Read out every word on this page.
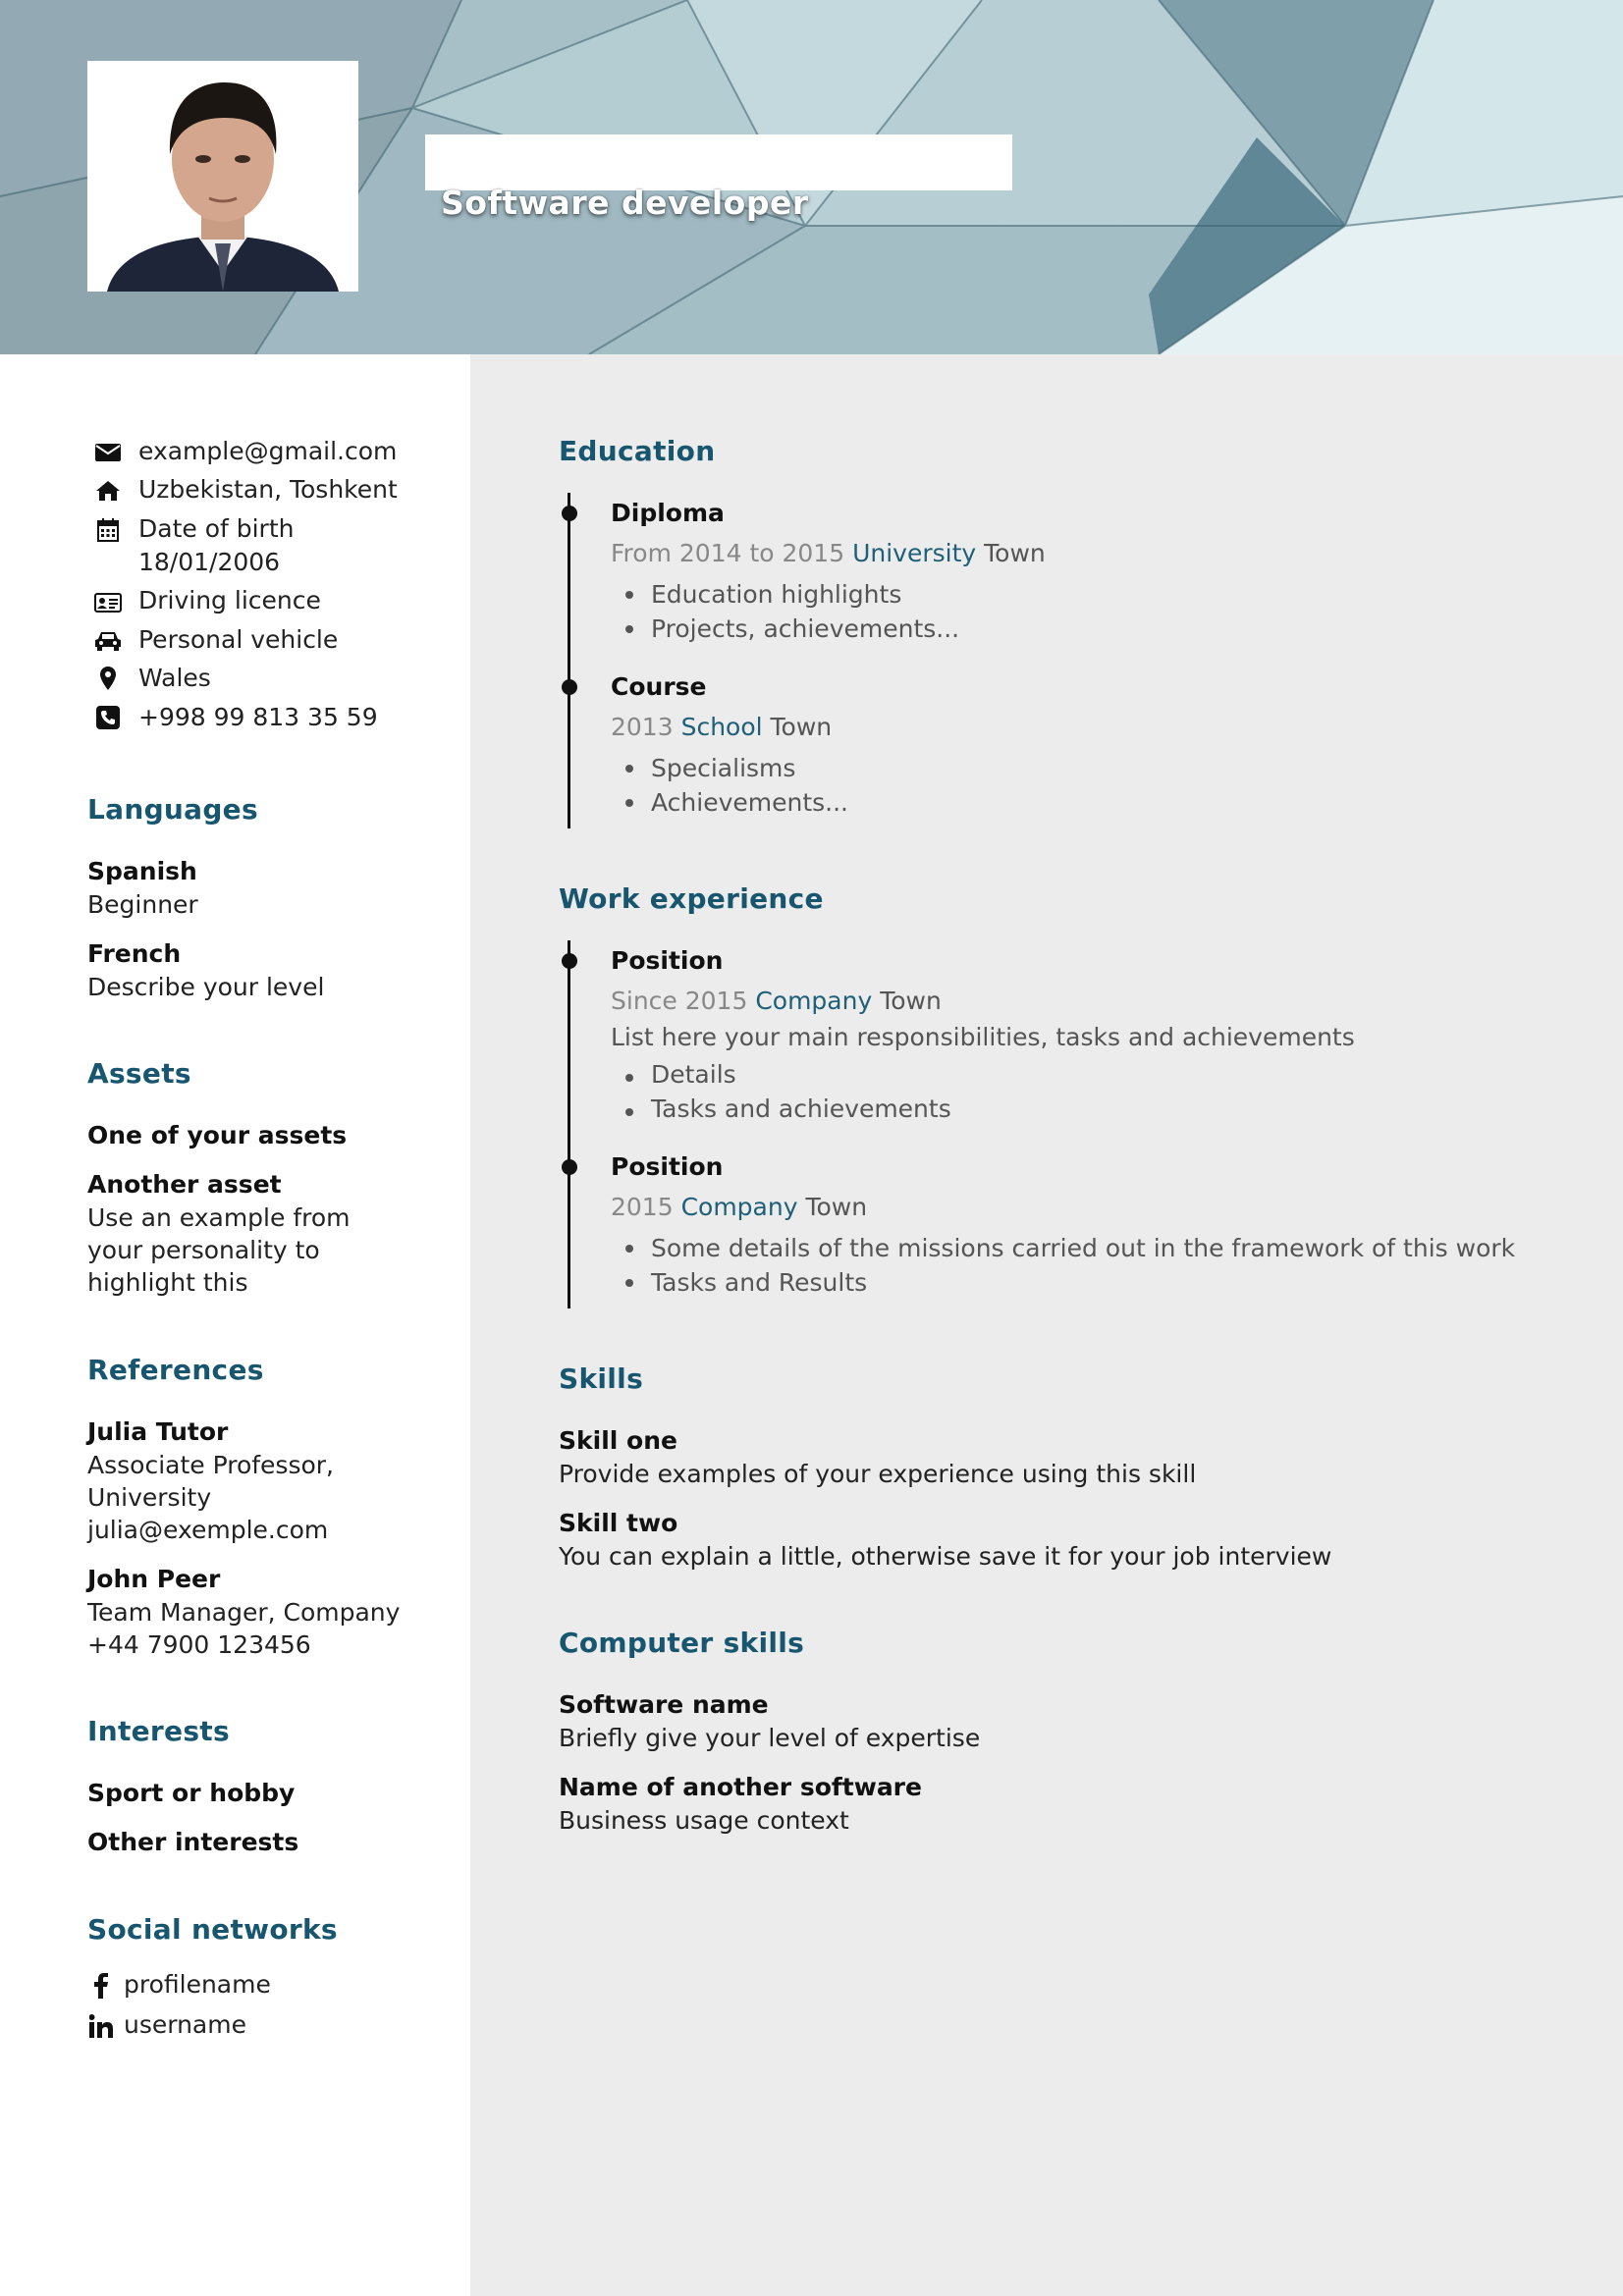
Software developer
example@gmail.com
Uzbekistan, Toshkent
Date of birth
18/01/2006
Driving licence
Personal vehicle
Wales
+998 99 813 35 59
Languages
Spanish
Beginner
French
Describe your level
Assets
One of your assets
Another asset
Use an example from
your personality to
highlight this
References
Julia Tutor
Associate Professor,
University
julia@exemple.com
John Peer
Team Manager, Company
+44 7900 123456
Interests
Sport or hobby
Other interests
Social networks
profilename
username
Education
Diploma
From 2014 to 2015 University Town
Education highlights
Projects, achievements...
Course
2013 School Town
Specialisms
Achievements...
Work experience
Position
Since 2015 Company Town
List here your main responsibilities, tasks and achievements
Details
Tasks and achievements
Position
2015 Company Town
Some details of the missions carried out in the framework of this work
Tasks and Results
Skills
Skill one
Provide examples of your experience using this skill
Skill two
You can explain a little, otherwise save it for your job interview
Computer skills
Software name
Briefly give your level of expertise
Name of another software
Business usage context
